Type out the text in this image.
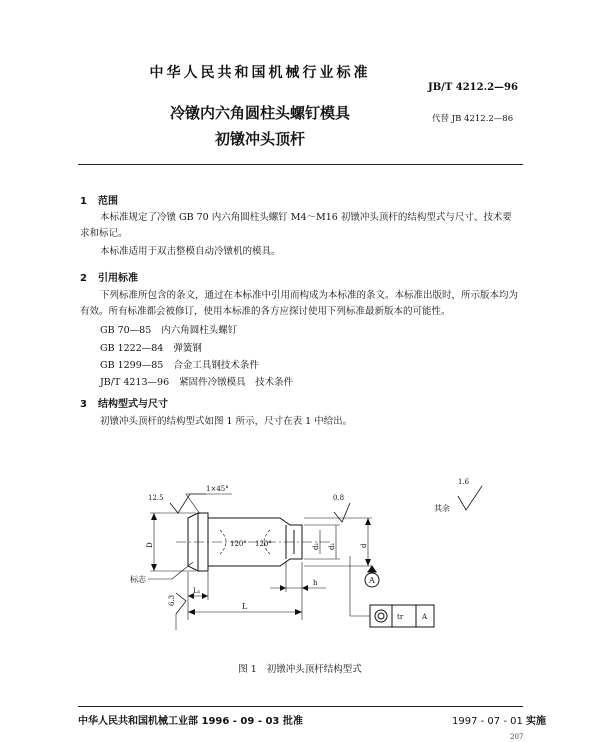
中华人民共和国机械行业标准
JB/T 4212.2—96
冷镦内六角圆柱头螺钉模具
初镦冲头顶杆
代替 JB 4212.2—86
1 范围
本标准规定了冷镦 GB 70 内六角圆柱头螺钉 M4～M16 初镦冲头顶杆的结构型式与尺寸、技术要求和标记。
本标准适用于双击整模自动冷镦机的模具。
2 引用标准
下列标准所包含的条文，通过在本标准中引用而构成为本标准的条文。本标准出版时，所示版本均为有效。所有标准都会被修订，使用本标准的各方应探讨使用下列标准最新版本的可能性。
GB 70—85 内六角圆柱头螺钉
GB 1222—84 弹簧钢
GB 1299—85 合金工具钢技术条件
JB/T 4213—96 紧固件冷镦模具　技术条件
3 结构型式与尺寸
初镦冲头顶杆的结构型式如图 1 所示，尺寸在表 1 中给出。
12.5
1×45°
0.8
1.6
120° 120°
D	d
d₁
d₁
L
L₁
h
6.3
A
tr	A
其余
标志
图 1 初镦冲头顶杆结构型式
中华人民共和国机械工业部 1996 - 09 - 03 批准	1997 - 07 - 01 实施
207
